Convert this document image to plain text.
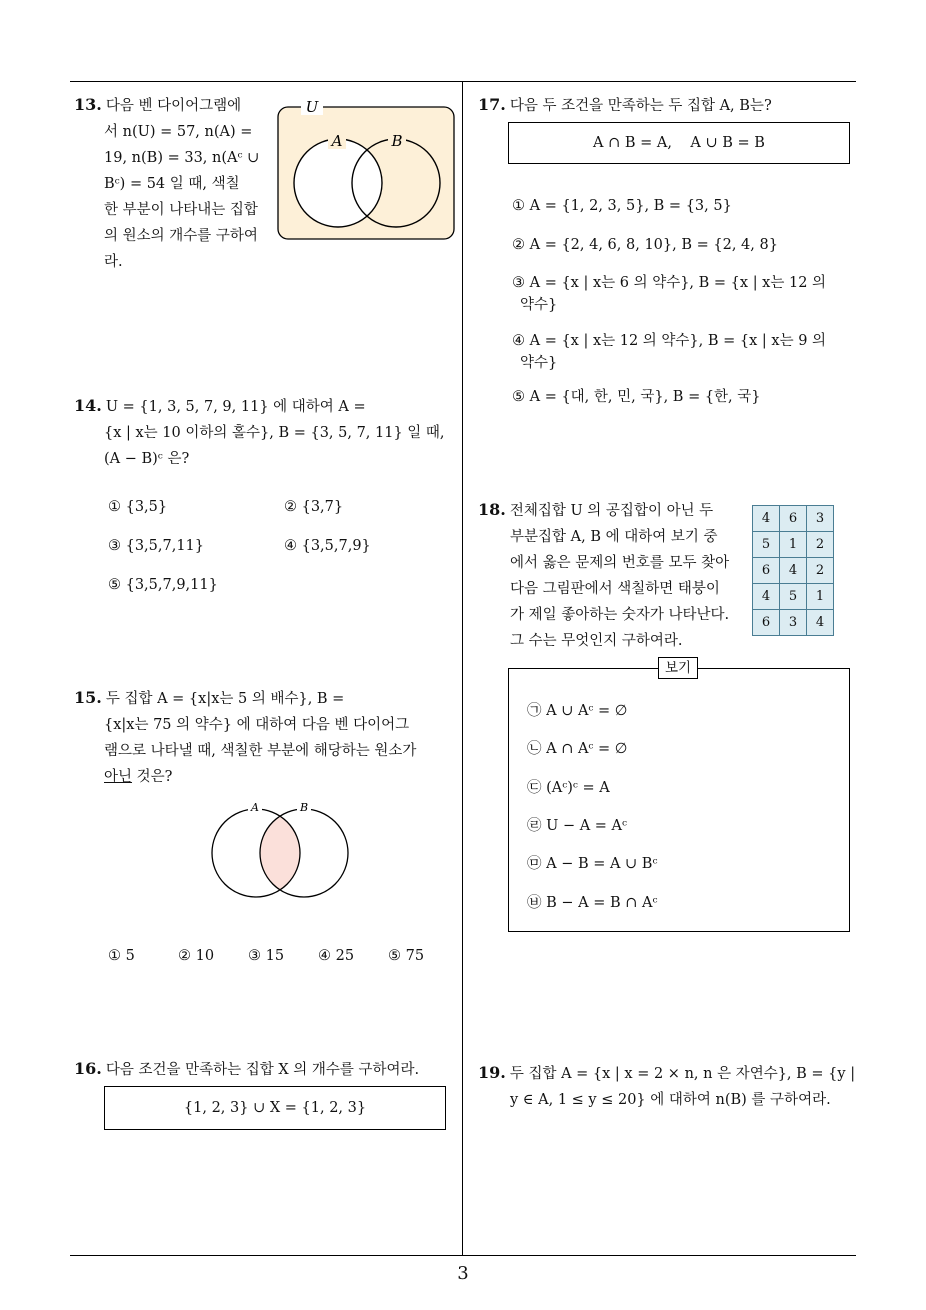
3
13. 다음 벤 다이어그램에
서 n(U) = 57, n(A) =
19, n(B) = 33, n(Aᶜ ∪
Bᶜ) = 54 일 때, 색칠
한 부분이 나타내는 집합
의 원소의 개수를 구하여
라.
U
A	B
14. U = {1, 3, 5, 7, 9, 11} 에 대하여 A =
{x | x는 10 이하의 홀수}, B = {3, 5, 7, 11} 일 때,
(A − B)ᶜ 은?
① {3,5}	② {3,7}
③ {3,5,7,11}	④ {3,5,7,9}
⑤ {3,5,7,9,11}
15. 두 집합 A = {x|x는 5 의 배수}, B =
{x|x는 75 의 약수} 에 대하여 다음 벤 다이어그
램으로 나타낼 때, 색칠한 부분에 해당하는 원소가
아닌 것은?
A	B
① 5	② 10 ③ 15 ④ 25 ⑤ 75
16. 다음 조건을 만족하는 집합 X 의 개수를 구하여라.
{1, 2, 3} ∪ X = {1, 2, 3}
17. 다음 두 조건을 만족하는 두 집합 A, B는?
A ∩ B = A,    A ∪ B = B
① A = {1, 2, 3, 5}, B = {3, 5}
② A = {2, 4, 6, 8, 10}, B = {2, 4, 8}
③ A = {x | x는 6 의 약수}, B = {x | x는 12 의
약수}
④ A = {x | x는 12 의 약수}, B = {x | x는 9 의
약수}
⑤ A = {대, 한, 민, 국}, B = {한, 국}
18. 전체집합 U 의 공집합이 아닌 두
부분집합 A, B 에 대하여 보기 중
에서 옳은 문제의 번호를 모두 찾아
다음 그림판에서 색칠하면 태붕이
가 제일 좋아하는 숫자가 나타난다.
그 수는 무엇인지 구하여라.
4	6	3
5	1	2
6	4	2
4	5	1
6	3	4
㉠ A ∪ Aᶜ = ∅
㉡ A ∩ Aᶜ = ∅
㉢ (Aᶜ)ᶜ = A
㉣ U − A = Aᶜ
㉤ A − B = A ∪ Bᶜ
㉥ B − A = B ∩ Aᶜ
보기
19. 두 집합 A = {x | x = 2 × n, n 은 자연수}, B = {y |
y ∈ A, 1 ≤ y ≤ 20} 에 대하여 n(B) 를 구하여라.
